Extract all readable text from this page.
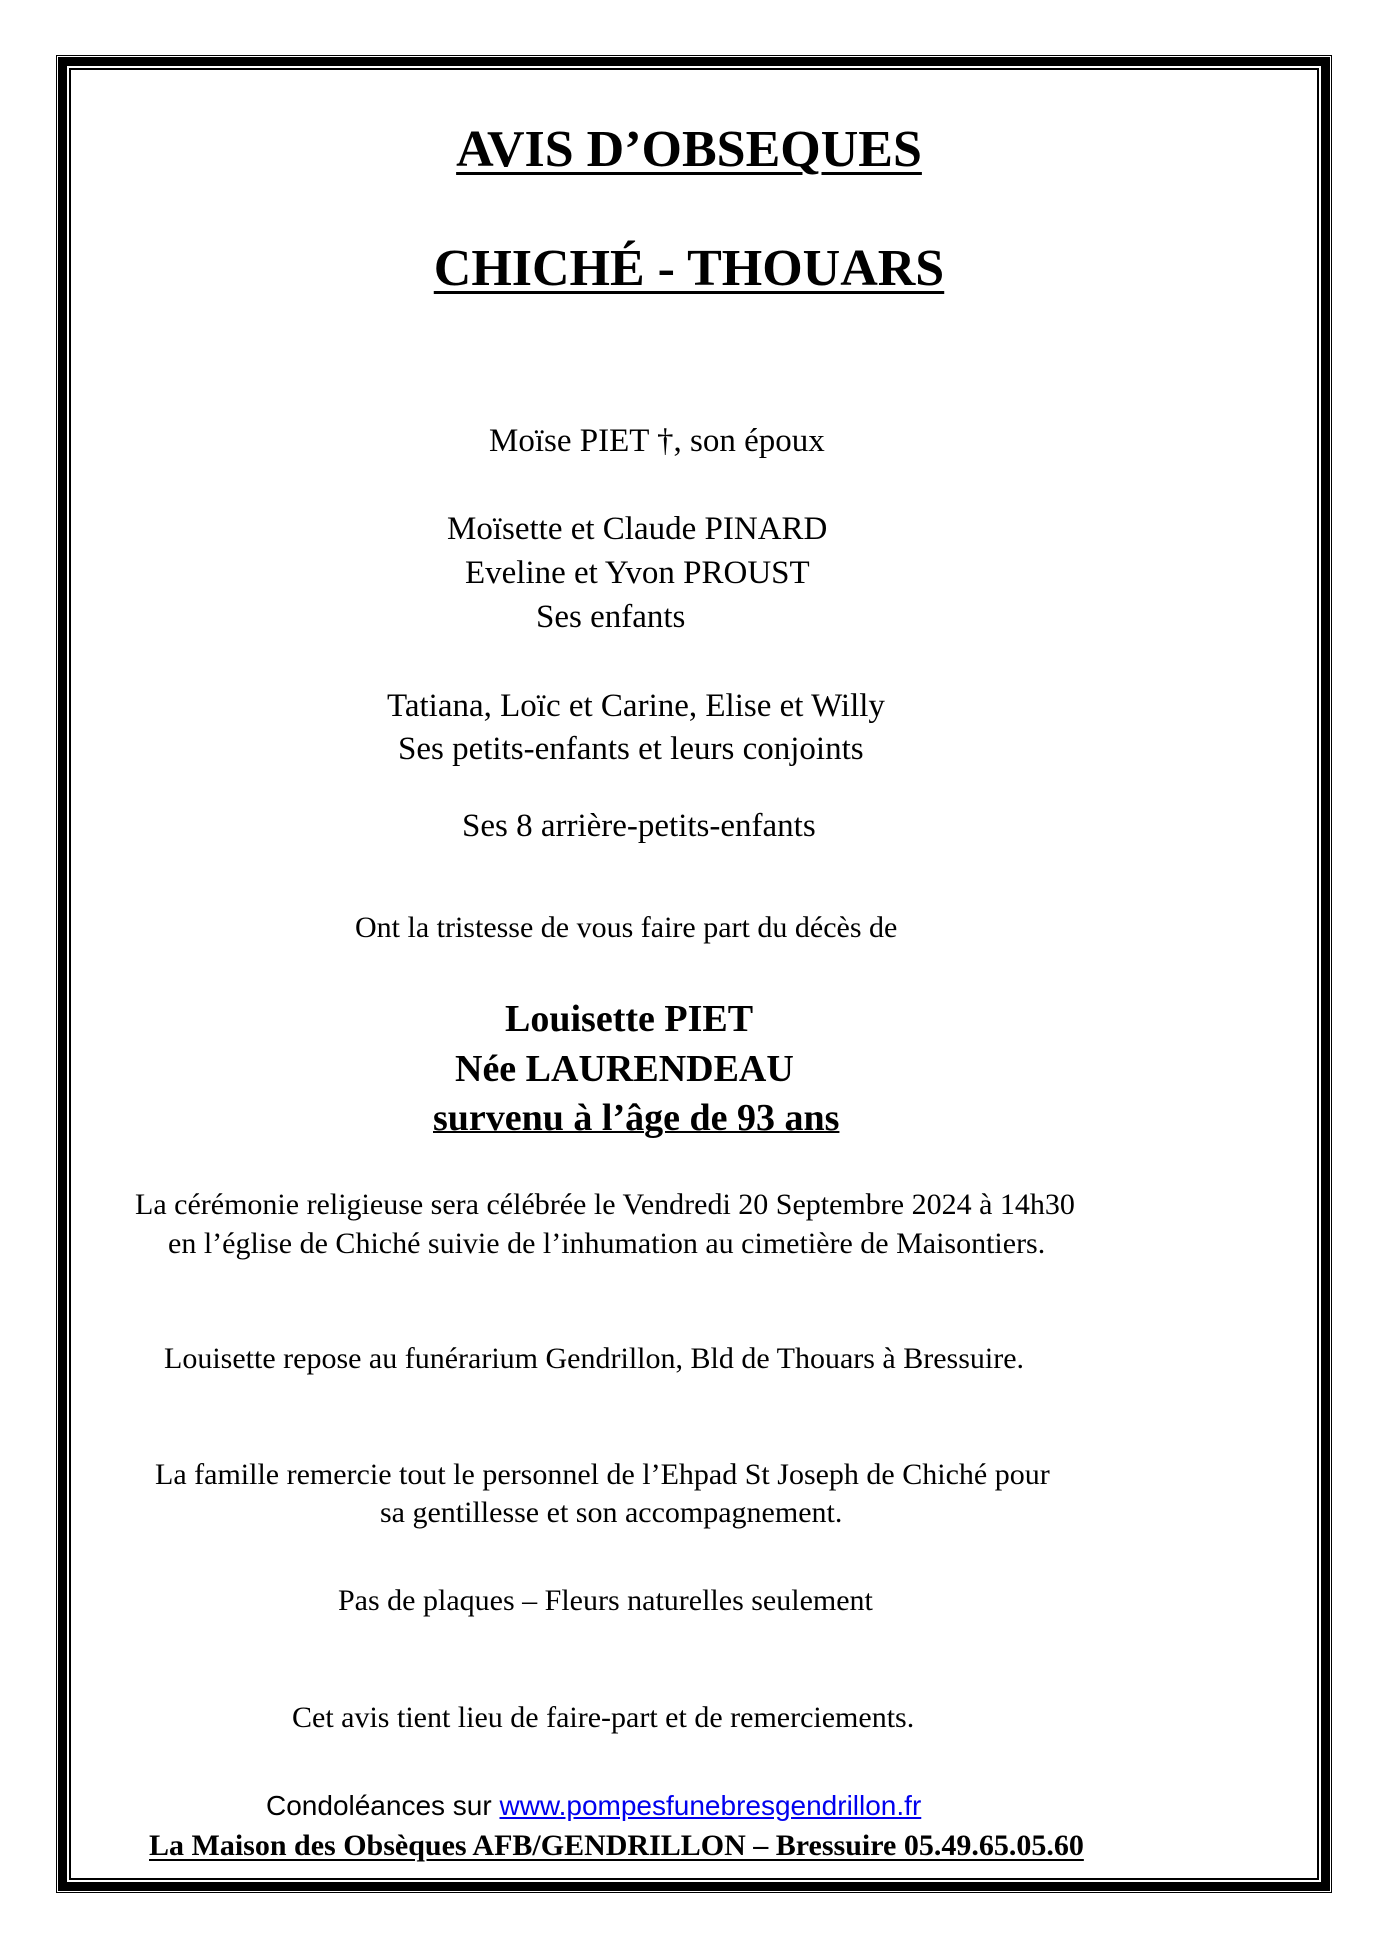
AVIS D’OBSEQUES
CHICHÉ - THOUARS
Moïse PIET †, son époux
Moïsette et Claude PINARD
Eveline et Yvon PROUST
Ses enfants
Tatiana, Loïc et Carine, Elise et Willy
Ses petits-enfants et leurs conjoints
Ses 8 arrière-petits-enfants
Ont la tristesse de vous faire part du décès de
Louisette PIET
Née LAURENDEAU
survenu à l’âge de 93 ans
La cérémonie religieuse sera célébrée le Vendredi 20 Septembre 2024 à 14h30
en l’église de Chiché suivie de l’inhumation au cimetière de Maisontiers.
Louisette repose au funérarium Gendrillon, Bld de Thouars à Bressuire.
La famille remercie tout le personnel de l’Ehpad St Joseph de Chiché pour
sa gentillesse et son accompagnement.
Pas de plaques – Fleurs naturelles seulement
Cet avis tient lieu de faire-part et de remerciements.
Condoléances sur www.pompesfunebresgendrillon.fr
La Maison des Obsèques AFB/GENDRILLON – Bressuire 05.49.65.05.60
